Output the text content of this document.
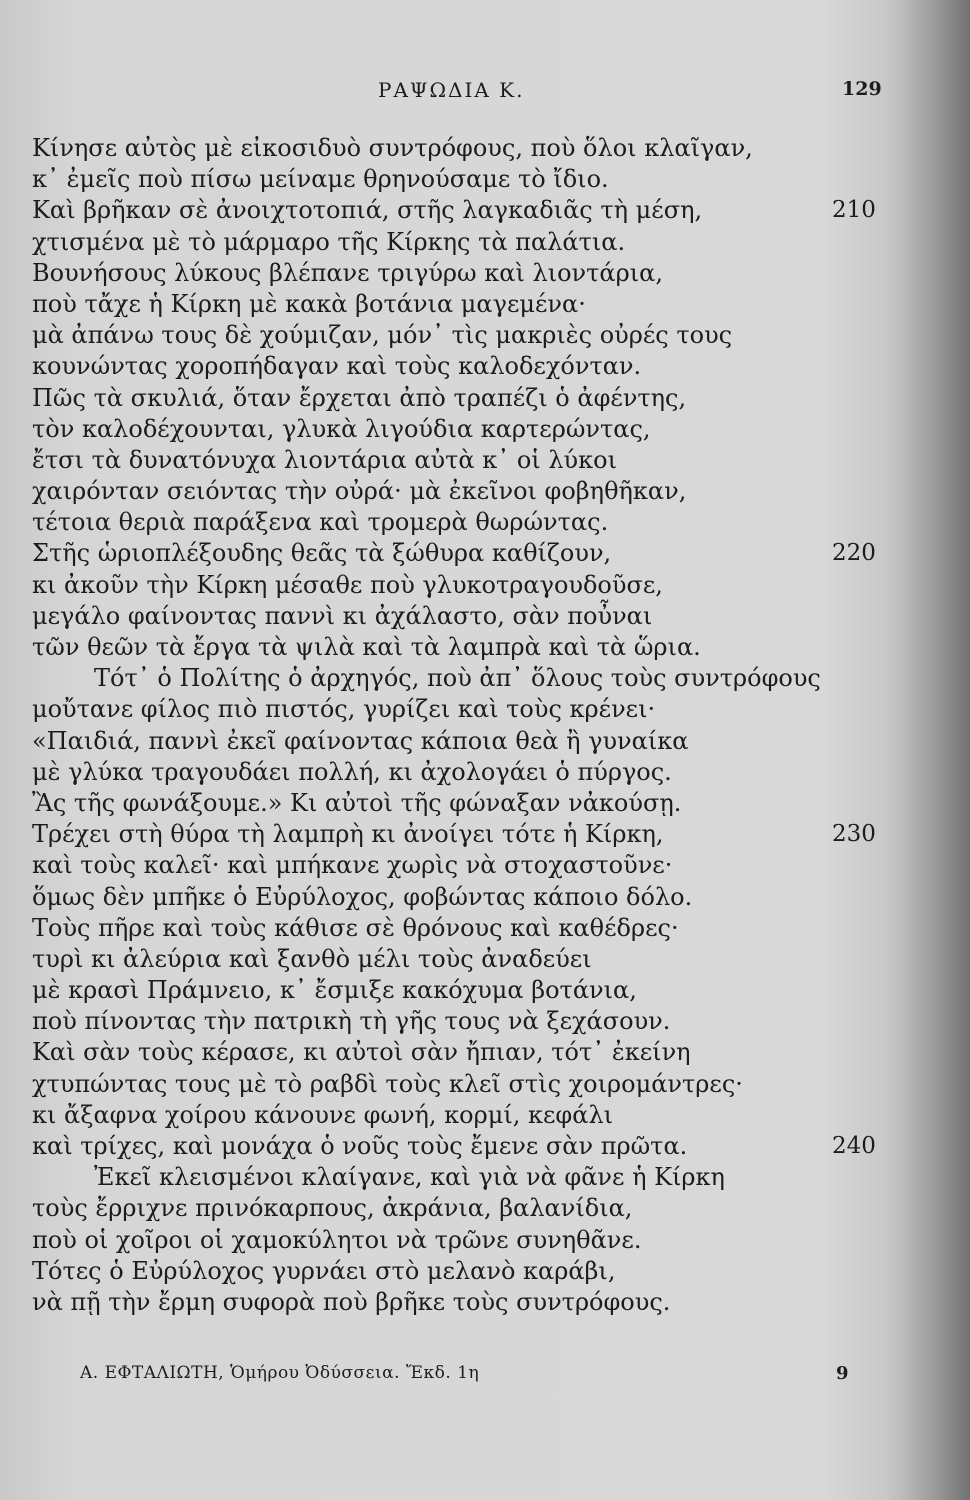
ΡΑΨΩΔΙΑ Κ.	129
Κίνησε αὐτὸς μὲ εἰκοσιδυὸ συντρόφους, ποὺ ὅλοι κλαῖγαν,
κ᾽ ἐμεῖς ποὺ πίσω μείναμε θρηνούσαμε τὸ ἴδιο.
Καὶ βρῆκαν σὲ ἀνοιχτοτοπιά, στῆς λαγκαδιᾶς τὴ μέση,	210
χτισμένα μὲ τὸ μάρμαρο τῆς Κίρκης τὰ παλάτια.
Βουνήσους λύκους βλέπανε τριγύρω καὶ λιοντάρια,
ποὺ τἄχε ἡ Κίρκη μὲ κακὰ βοτάνια μαγεμένα·
μὰ ἀπάνω τους δὲ χούμιζαν, μόν᾽ τὶς μακριὲς οὐρές τους
κουνώντας χοροπήδαγαν καὶ τοὺς καλοδεχόνταν.
Πῶς τὰ σκυλιά, ὅταν ἔρχεται ἀπὸ τραπέζι ὁ ἀφέντης,
τὸν καλοδέχουνται, γλυκὰ λιγούδια καρτερώντας,
ἔτσι τὰ δυνατόνυχα λιοντάρια αὐτὰ κ᾽ οἱ λύκοι
χαιρόνταν σειόντας τὴν οὐρά· μὰ ἐκεῖνοι φοβηθῆκαν,
τέτοια θεριὰ παράξενα καὶ τρομερὰ θωρώντας.
Στῆς ὡριοπλέξουδης θεᾶς τὰ ξώθυρα καθίζουν,	220
κι ἀκοῦν τὴν Κίρκη μέσαθε ποὺ γλυκοτραγουδοῦσε,
μεγάλο φαίνοντας παννὶ κι ἀχάλαστο, σὰν ποὖναι
τῶν θεῶν τὰ ἔργα τὰ ψιλὰ καὶ τὰ λαμπρὰ καὶ τὰ ὥρια.
Τότ᾽ ὁ Πολίτης ὁ ἀρχηγός, ποὺ ἀπ᾽ ὅλους τοὺς συντρόφους
μοὔτανε φίλος πιὸ πιστός, γυρίζει καὶ τοὺς κρένει·
«Παιδιά, παννὶ ἐκεῖ φαίνοντας κάποια θεὰ ἢ γυναίκα
μὲ γλύκα τραγουδάει πολλή, κι ἀχολογάει ὁ πύργος.
Ἂς τῆς φωνάξουμε.» Κι αὐτοὶ τῆς φώναξαν νἀκούσῃ.
Τρέχει στὴ θύρα τὴ λαμπρὴ κι ἀνοίγει τότε ἡ Κίρκη,	230
καὶ τοὺς καλεῖ· καὶ μπήκανε χωρὶς νὰ στοχαστοῦνε·
ὅμως δὲν μπῆκε ὁ Εὐρύλοχος, φοβώντας κάποιο δόλο.
Τοὺς πῆρε καὶ τοὺς κάθισε σὲ θρόνους καὶ καθέδρες·
τυρὶ κι ἀλεύρια καὶ ξανθὸ μέλι τοὺς ἀναδεύει
μὲ κρασὶ Πράμνειο, κ᾽ ἔσμιξε κακόχυμα βοτάνια,
ποὺ πίνοντας τὴν πατρικὴ τὴ γῆς τους νὰ ξεχάσουν.
Καὶ σὰν τοὺς κέρασε, κι αὐτοὶ σὰν ἤπιαν, τότ᾽ ἐκείνη
χτυπώντας τους μὲ τὸ ραβδὶ τοὺς κλεῖ στὶς χοιρομάντρες·
κι ἄξαφνα χοίρου κάνουνε φωνή, κορμί, κεφάλι
καὶ τρίχες, καὶ μονάχα ὁ νοῦς τοὺς ἔμενε σὰν πρῶτα.	240
Ἐκεῖ κλεισμένοι κλαίγανε, καὶ γιὰ νὰ φᾶνε ἡ Κίρκη
τοὺς ἔρριχνε πρινόκαρπους, ἀκράνια, βαλανίδια,
ποὺ οἱ χοῖροι οἱ χαμοκύλητοι νὰ τρῶνε συνηθᾶνε.
Τότες ὁ Εὐρύλοχος γυρνάει στὸ μελανὸ καράβι,
νὰ πῇ τὴν ἔρμη συφορὰ ποὺ βρῆκε τοὺς συντρόφους.
Α. ΕΦΤΑΛΙΩΤΗ, Ὁμήρου Ὀδύσσεια. Ἔκδ. 1η	9
